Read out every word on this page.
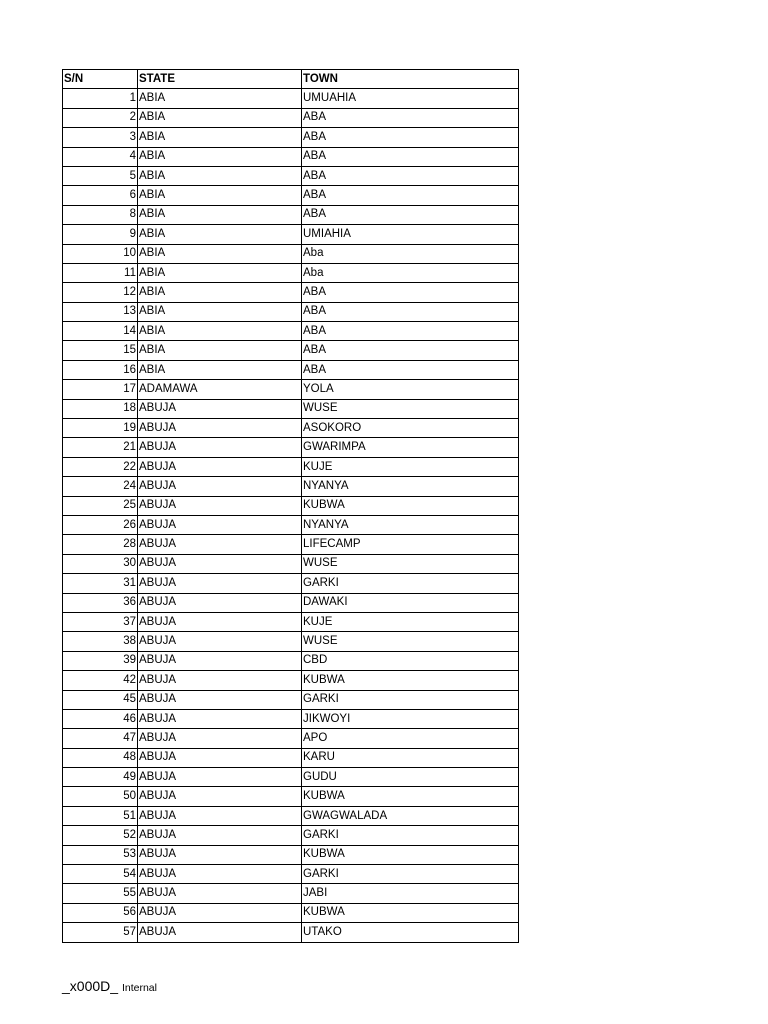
S/N	STATE	TOWN
1	ABIA	UMUAHIA
2	ABIA	ABA
3	ABIA	ABA
4	ABIA	ABA
5	ABIA	ABA
6	ABIA	ABA
8	ABIA	ABA
9	ABIA	UMIAHIA
10	ABIA	Aba
11	ABIA	Aba
12	ABIA	ABA
13	ABIA	ABA
14	ABIA	ABA
15	ABIA	ABA
16	ABIA	ABA
17	ADAMAWA	YOLA
18	ABUJA	WUSE
19	ABUJA	ASOKORO
21	ABUJA	GWARIMPA
22	ABUJA	KUJE
24	ABUJA	NYANYA
25	ABUJA	KUBWA
26	ABUJA	NYANYA
28	ABUJA	LIFECAMP
30	ABUJA	WUSE
31	ABUJA	GARKI
36	ABUJA	DAWAKI
37	ABUJA	KUJE
38	ABUJA	WUSE
39	ABUJA	CBD
42	ABUJA	KUBWA
45	ABUJA	GARKI
46	ABUJA	JIKWOYI
47	ABUJA	APO
48	ABUJA	KARU
49	ABUJA	GUDU
50	ABUJA	KUBWA
51	ABUJA	GWAGWALADA
52	ABUJA	GARKI
53	ABUJA	KUBWA
54	ABUJA	GARKI
55	ABUJA	JABI
56	ABUJA	KUBWA
57	ABUJA	UTAKO
_x000D_ Internal
